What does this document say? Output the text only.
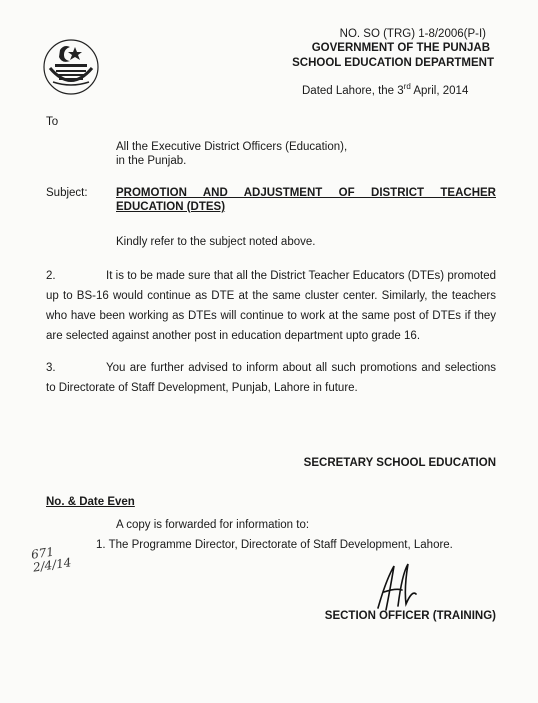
NO. SO (TRG) 1-8/2006(P-I)
GOVERNMENT OF THE PUNJAB
SCHOOL EDUCATION DEPARTMENT
Dated Lahore, the 3rd April, 2014
To
All the Executive District Officers (Education),
in the Punjab.
Subject: PROMOTION AND ADJUSTMENT OF DISTRICT TEACHER
EDUCATION (DTES)
Kindly refer to the subject noted above.
2.	It is to be made sure that all the District Teacher Educators (DTEs) promoted up to BS-16 would continue as DTE at the same cluster center. Similarly, the teachers who have been working as DTEs will continue to work at the same post of DTEs if they are selected against another post in education department upto grade 16.
3.	You are further advised to inform about all such promotions and selections to Directorate of Staff Development, Punjab, Lahore in future.
SECRETARY SCHOOL EDUCATION
No. & Date Even
A copy is forwarded for information to:
1. The Programme Director, Directorate of Staff Development, Lahore.
671
2/4/14
SECTION OFFICER (TRAINING)
